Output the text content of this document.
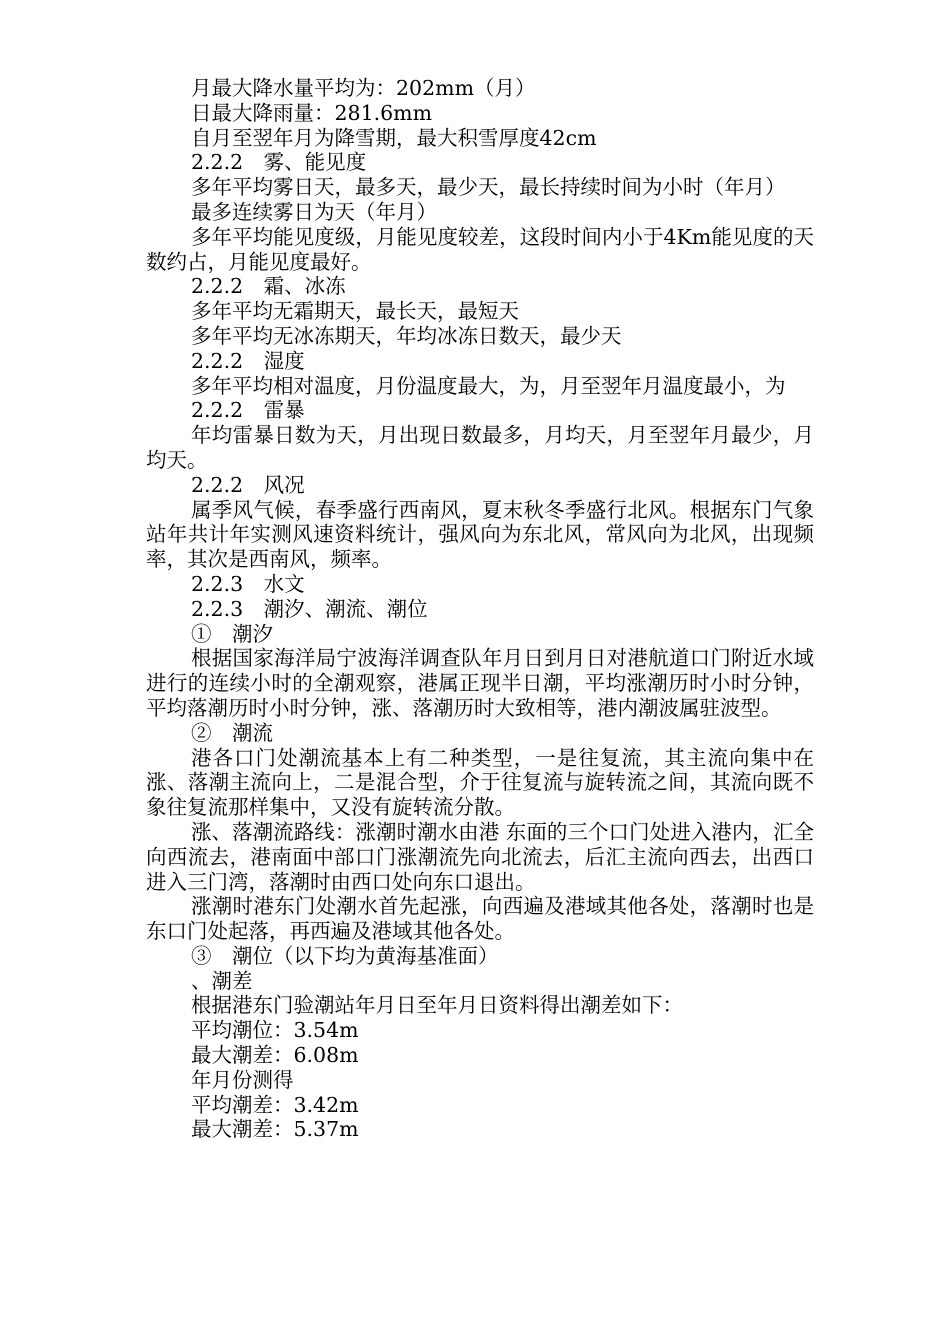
月最大降水量平均为：202mm（月）

日最大降雨量：281.6mm

自月至翌年月为降雪期，最大积雪厚度42cm

2.2.2　雾、能见度

多年平均雾日天，最多天，最少天，最长持续时间为小时（年月）

最多连续雾日为天（年月）

多年平均能见度级，月能见度较差，这段时间内小于4Km能见度的天数约占，月能见度最好。

2.2.2　霜、冰冻

多年平均无霜期天，最长天，最短天

多年平均无冰冻期天，年均冰冻日数天，最少天

2.2.2　湿度

多年平均相对温度，月份温度最大，为，月至翌年月温度最小，为

2.2.2　雷暴

年均雷暴日数为天，月出现日数最多，月均天，月至翌年月最少，月均天。

2.2.2　风况

属季风气候，春季盛行西南风，夏末秋冬季盛行北风。根据东门气象站年共计年实测风速资料统计，强风向为东北风，常风向为北风，出现频率，其次是西南风，频率。

2.2.3　水文

2.2.3　潮汐、潮流、潮位

①　潮汐

根据国家海洋局宁波海洋调查队年月日到月日对港航道口门附近水域进行的连续小时的全潮观察，港属正现半日潮，平均涨潮历时小时分钟，平均落潮历时小时分钟，涨、落潮历时大致相等，港内潮波属驻波型。

②　潮流

港各口门处潮流基本上有二种类型，一是往复流，其主流向集中在涨、落潮主流向上，二是混合型，介于往复流与旋转流之间，其流向既不象往复流那样集中，又没有旋转流分散。

涨、落潮流路线：涨潮时潮水由港 东面的三个口门处进入港内，汇全向西流去，港南面中部口门涨潮流先向北流去，后汇主流向西去，出西口进入三门湾，落潮时由西口处向东口退出。

涨潮时港东门处潮水首先起涨，向西遍及港域其他各处，落潮时也是东口门处起落，再西遍及港域其他各处。

③　潮位（以下均为黄海基准面）

、潮差

根据港东门验潮站年月日至年月日资料得出潮差如下：

平均潮位：3.54m

最大潮差：6.08m

年月份测得

平均潮差：3.42m

最大潮差：5.37m
